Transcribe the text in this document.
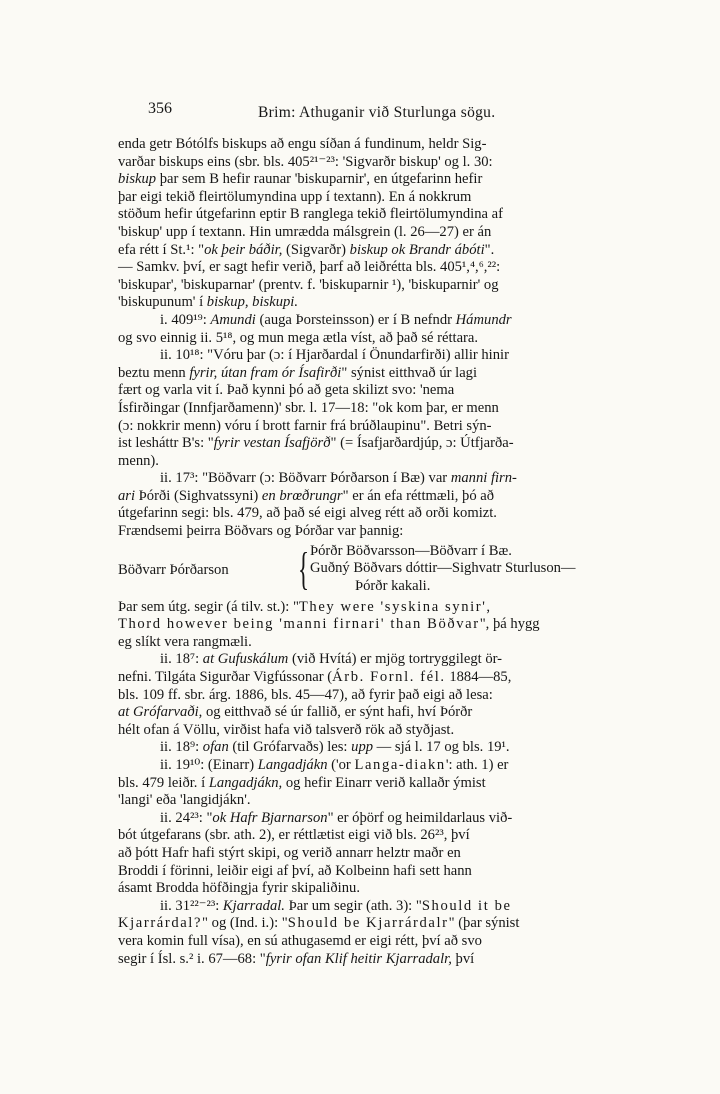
356	Brim: Athuganir við Sturlunga sögu.

enda getr Bótólfs biskups að engu síðan á fundinum, heldr Sig-
varðar biskups eins (sbr. bls. 405²¹⁻²³: 'Sigvarðr biskup' og l. 30:
biskup þar sem B hefir raunar 'biskuparnir', en útgefarinn hefir
þar eigi tekið fleirtölumyndina upp í textann). En á nokkrum
stöðum hefir útgefarinn eptir B ranglega tekið fleirtölumyndina af
'biskup' upp í textann. Hin umrædda málsgrein (l. 26—27) er án
efa rétt í St.¹: "ok þeir báðir, (Sigvarðr) biskup ok Brandr ábóti".
— Samkv. því, er sagt hefir verið, þarf að leiðrétta bls. 405¹,⁴,⁶,²²:
'biskupar', 'biskuparnar' (prentv. f. 'biskuparnir ¹), 'biskuparnir' og
'biskupunum' í biskup, biskupi.

i. 409¹⁹: Amundi (auga Þorsteinsson) er í B nefndr Hámundr
og svo einnig ii. 5¹⁸, og mun mega ætla víst, að það sé réttara.

ii. 10¹⁸: "Vóru þar (ɔ: í Hjarðardal í Önundarfirði) allir hinir
beztu menn fyrir, útan fram ór Ísafirði" sýnist eitthvað úr lagi
fært og varla vit í. Það kynni þó að geta skilizt svo: 'nema
Ísfirðingar (Innfjarðamenn)' sbr. l. 17—18: "ok kom þar, er menn
(ɔ: nokkrir menn) vóru í brott farnir frá brúðlaupinu". Betri sýn-
ist lesháttr B's: "fyrir vestan Ísafjörð" (= Ísafjarðardjúp, ɔ: Útfjarða-
menn).

ii. 17³: "Böðvarr (ɔ: Böðvarr Þórðarson í Bæ) var manni firn-
ari Þórði (Sighvatssyni) en brœðrungr" er án efa réttmæli, þó að
útgefarinn segi: bls. 479, að það sé eigi alveg rétt að orði komizt.
Frændsemi þeirra Böðvars og Þórðar var þannig:

Böðvarr Þórðarson { Þórðr Böðvarsson—Böðvarr í Bæ.
Guðný Böðvars dóttir—Sighvatr Sturluson—
Þórðr kakali.

Þar sem útg. segir (á tilv. st.): "They were 'syskina synir',
Thord however being 'manni firnari' than Böðvar", þá hygg
eg slíkt vera rangmæli.

ii. 18⁷: at Gufuskálum (við Hvítá) er mjög tortryggilegt ör-
nefni. Tilgáta Sigurðar Vigfússonar (Árb. Fornl. fél. 1884—85,
bls. 109 ff. sbr. árg. 1886, bls. 45—47), að fyrir það eigi að lesa:
at Grófarvaði, og eitthvað sé úr fallið, er sýnt hafi, hví Þórðr
hélt ofan á Völlu, virðist hafa við talsverð rök að styðjast.

ii. 18⁹: ofan (til Grófarvaðs) les: upp — sjá l. 17 og bls. 19¹.

ii. 19¹⁰: (Einarr) Langadjákn ('or Langa-diakn': ath. 1) er
bls. 479 leiðr. í Langadjákn, og hefir Einarr verið kallaðr ýmist
'langi' eða 'langidjákn'.

ii. 24²³: "ok Hafr Bjarnarson" er óþörf og heimildarlaus við-
bót útgefarans (sbr. ath. 2), er réttlætist eigi við bls. 26²³, því
að þótt Hafr hafi stýrt skipi, og verið annarr helztr maðr en
Broddi í förinni, leiðir eigi af því, að Kolbeinn hafi sett hann
ásamt Brodda höfðingja fyrir skipaliðinu.

ii. 31²²⁻²³: Kjarradal. Þar um segir (ath. 3): "Should it be
Kjarrárdal?" og (Ind. i.): "Should be Kjarrárdalr" (þar sýnist
vera komin full vísa), en sú athugasemd er eigi rétt, því að svo
segir í Ísl. s.² i. 67—68: "fyrir ofan Klif heitir Kjarradalr, því
